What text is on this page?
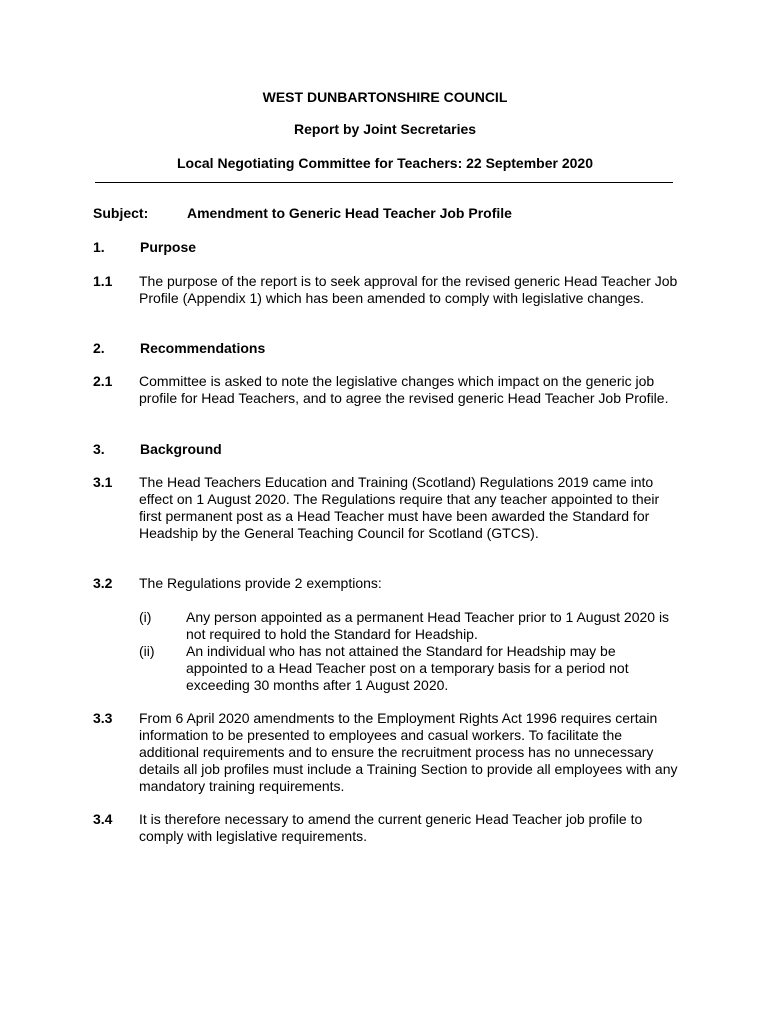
WEST DUNBARTONSHIRE COUNCIL
Report by Joint Secretaries
Local Negotiating Committee for Teachers: 22 September 2020
Subject:	Amendment to Generic Head Teacher Job Profile
1.	Purpose
1.1 The purpose of the report is to seek approval for the revised generic Head Teacher Job Profile (Appendix 1) which has been amended to comply with legislative changes.
2.	Recommendations
2.1 Committee is asked to note the legislative changes which impact on the generic job profile for Head Teachers, and to agree the revised generic Head Teacher Job Profile.
3.	Background
3.1 The Head Teachers Education and Training (Scotland) Regulations 2019 came into effect on 1 August 2020. The Regulations require that any teacher appointed to their first permanent post as a Head Teacher must have been awarded the Standard for Headship by the General Teaching Council for Scotland (GTCS).
3.2 The Regulations provide 2 exemptions:
(i) Any person appointed as a permanent Head Teacher prior to 1 August 2020 is not required to hold the Standard for Headship.
(ii) An individual who has not attained the Standard for Headship may be appointed to a Head Teacher post on a temporary basis for a period not exceeding 30 months after 1 August 2020.
3.3 From 6 April 2020 amendments to the Employment Rights Act 1996 requires certain information to be presented to employees and casual workers. To facilitate the additional requirements and to ensure the recruitment process has no unnecessary details all job profiles must include a Training Section to provide all employees with any mandatory training requirements.
3.4 It is therefore necessary to amend the current generic Head Teacher job profile to comply with legislative requirements.
